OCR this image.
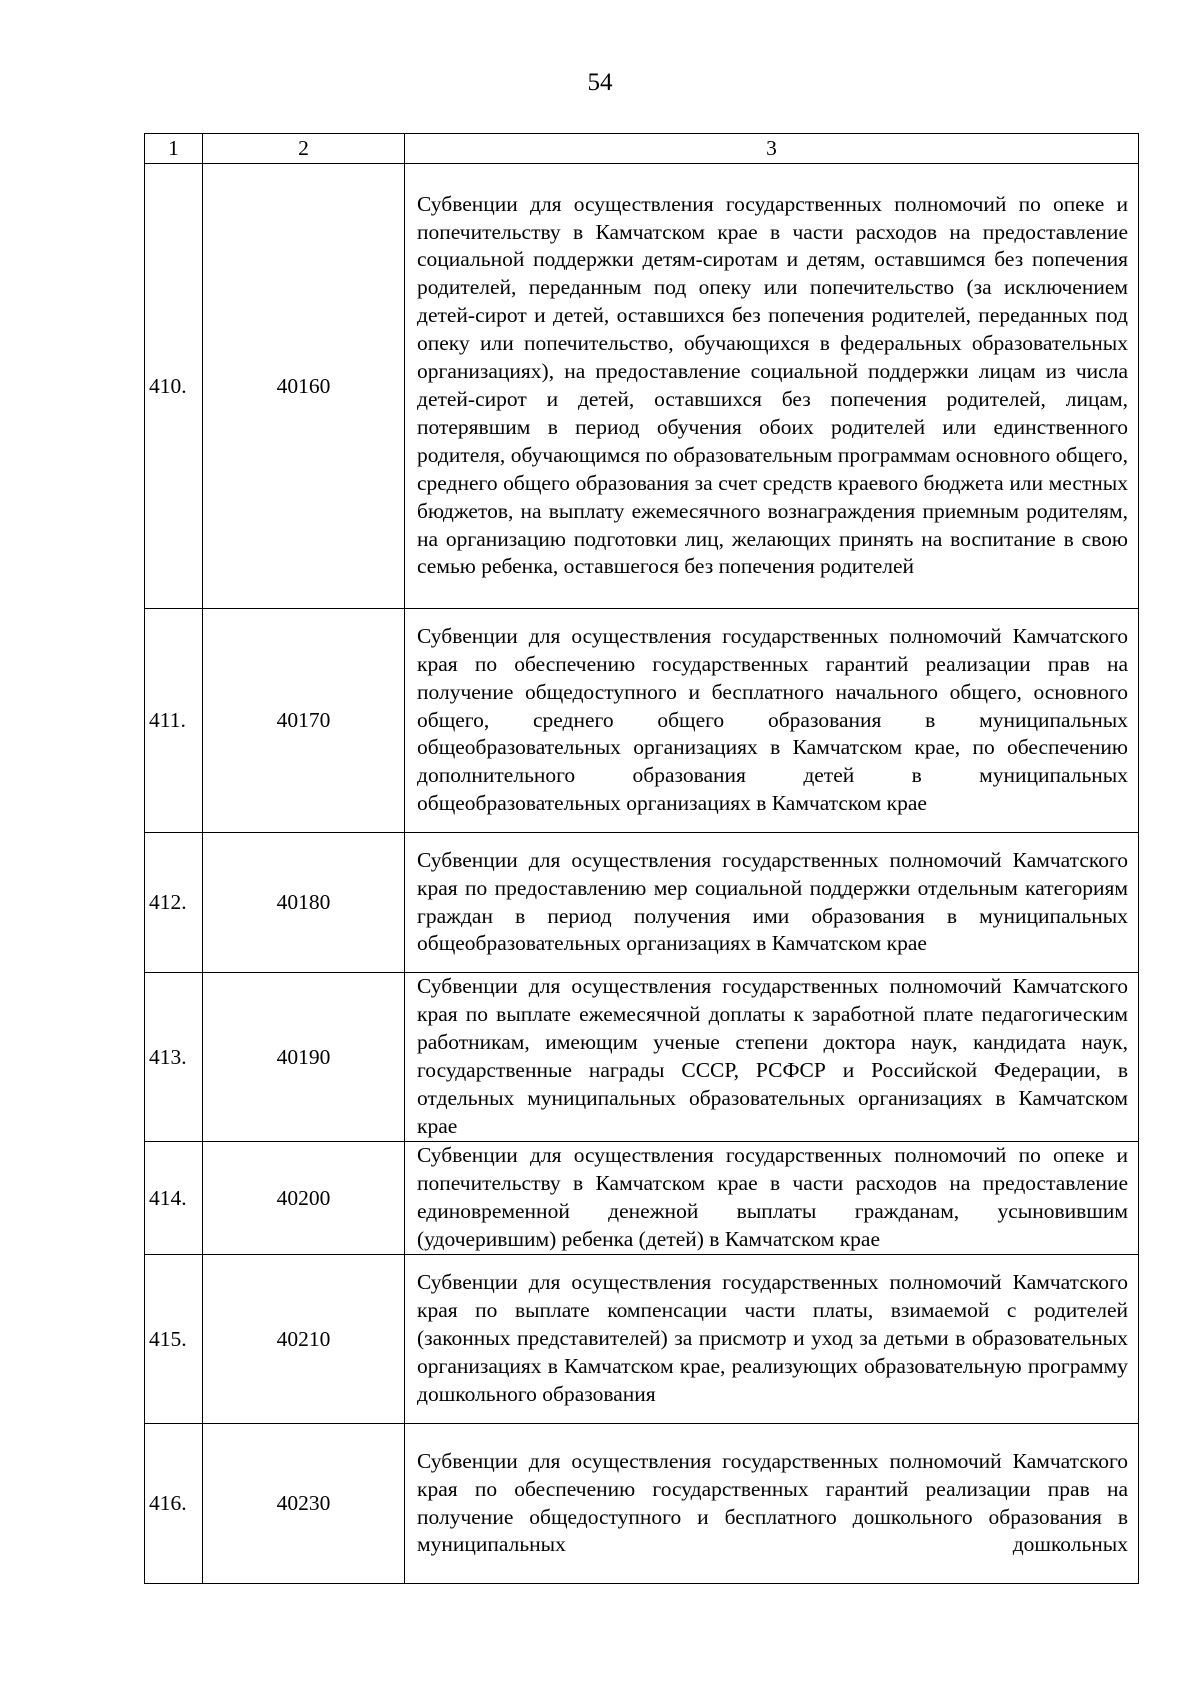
54
1	2	3
410.	40160	Субвенции для осуществления государственных полномочий по опеке и попечительству в Камчатском крае в части расходов на предоставление социальной поддержки детям-сиротам и детям, оставшимся без попечения родителей, переданным под опеку или попечительство (за исключением детей-сирот и детей, оставшихся без попечения родителей, переданных под опеку или попечительство, обучающихся в федеральных образовательных организациях), на предоставление социальной поддержки лицам из числа детей-сирот и детей, оставшихся без попечения родителей, лицам, потерявшим в период обучения обоих родителей или единственного родителя, обучающимся по образовательным программам основного общего, среднего общего образования за счет средств краевого бюджета или местных бюджетов, на выплату ежемесячного вознаграждения приемным родителям, на организацию подготовки лиц, желающих принять на воспитание в свою семью ребенка, оставшегося без попечения родителей
411.	40170	Субвенции для осуществления государственных полномочий Камчатского края по обеспечению государственных гарантий реализации прав на получение общедоступного и бесплатного начального общего, основного общего, среднего общего образования в муниципальных общеобразовательных организациях в Камчатском крае, по обеспечению дополнительного образования детей в муниципальных общеобразовательных организациях в Камчатском крае
412.	40180	Субвенции для осуществления государственных полномочий Камчатского края по предоставлению мер социальной поддержки отдельным категориям граждан в период получения ими образования в муниципальных общеобразовательных организациях в Камчатском крае
413.	40190	Субвенции для осуществления государственных полномочий Камчатского края по выплате ежемесячной доплаты к заработной плате педагогическим работникам, имеющим ученые степени доктора наук, кандидата наук, государственные награды СССР, РСФСР и Российской Федерации, в отдельных муниципальных образовательных организациях в Камчатском крае
414.	40200	Субвенции для осуществления государственных полномочий по опеке и попечительству в Камчатском крае в части расходов на предоставление единовременной денежной выплаты гражданам, усыновившим (удочерившим) ребенка (детей) в Камчатском крае
415.	40210	Субвенции для осуществления государственных полномочий Камчатского края по выплате компенсации части платы, взимаемой с родителей (законных представителей) за присмотр и уход за детьми в образовательных организациях в Камчатском крае, реализующих образовательную программу дошкольного образования
416.	40230	Субвенции для осуществления государственных полномочий Камчатского края по обеспечению государственных гарантий реализации прав на получение общедоступного и бесплатного дошкольного образования в муниципальных дошкольных
